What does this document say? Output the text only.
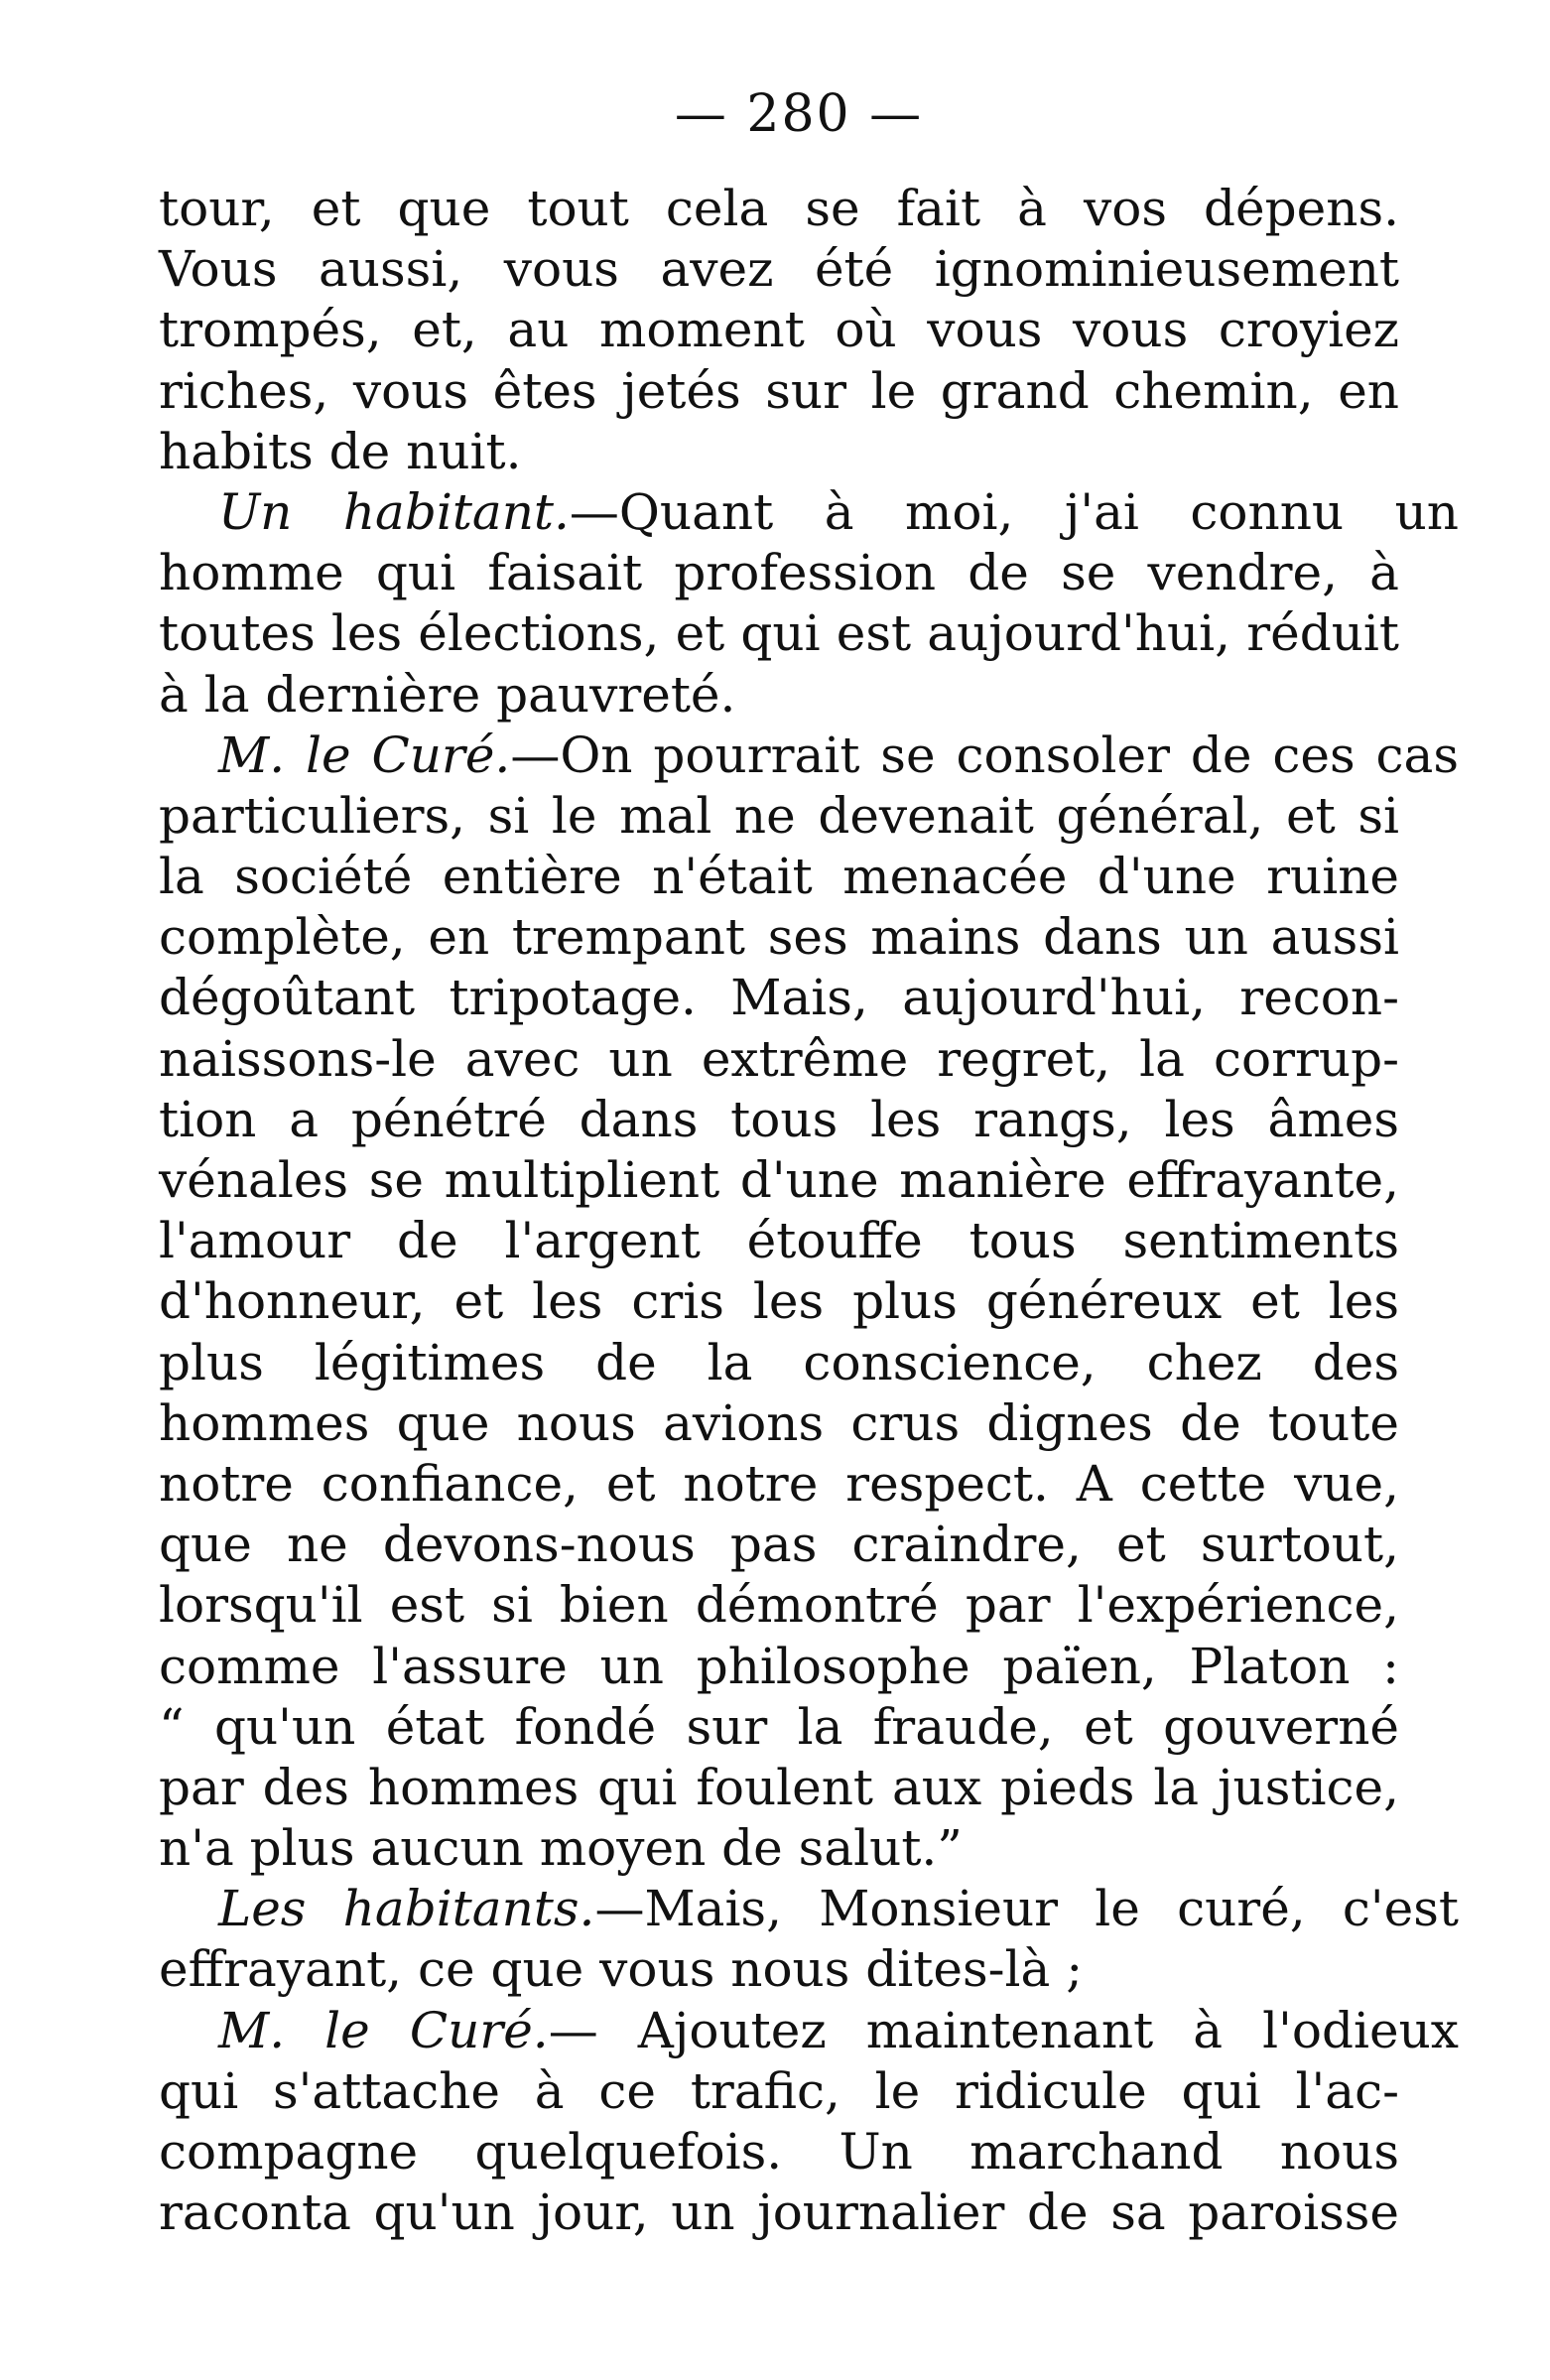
— 280 —
tour, et que tout cela se fait à vos dépens.
Vous aussi, vous avez été ignominieusement
trompés, et, au moment où vous vous croyiez
riches, vous êtes jetés sur le grand chemin, en
habits de nuit.
Un habitant.—Quant à moi, j'ai connu un
homme qui faisait profession de se vendre, à
toutes les élections, et qui est aujourd'hui, réduit
à la dernière pauvreté.
M. le Curé.—On pourrait se consoler de ces cas
particuliers, si le mal ne devenait général, et si
la société entière n'était menacée d'une ruine
complète, en trempant ses mains dans un aussi
dégoûtant tripotage. Mais, aujourd'hui, recon-
naissons-le avec un extrême regret, la corrup-
tion a pénétré dans tous les rangs, les âmes
vénales se multiplient d'une manière effrayante,
l'amour de l'argent étouffe tous sentiments
d'honneur, et les cris les plus généreux et les
plus légitimes de la conscience, chez des
hommes que nous avions crus dignes de toute
notre confiance, et notre respect. A cette vue,
que ne devons-nous pas craindre, et surtout,
lorsqu'il est si bien démontré par l'expérience,
comme l'assure un philosophe païen, Platon :
“ qu'un état fondé sur la fraude, et gouverné
par des hommes qui foulent aux pieds la justice,
n'a plus aucun moyen de salut.”
Les habitants.—Mais, Monsieur le curé, c'est
effrayant, ce que vous nous dites-là ;
M. le Curé.— Ajoutez maintenant à l'odieux
qui s'attache à ce trafic, le ridicule qui l'ac-
compagne quelquefois. Un marchand nous
raconta qu'un jour, un journalier de sa paroisse
